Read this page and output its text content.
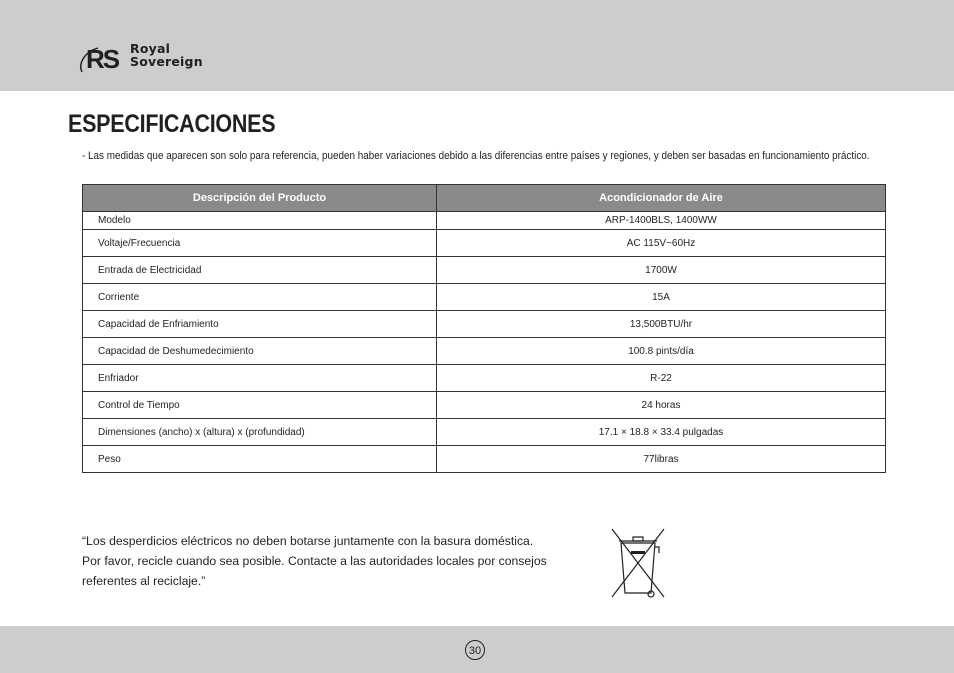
RS Royal
Sovereign
ESPECIFICACIONES
- Las medidas que aparecen son solo para referencia, pueden haber variaciones debido a las diferencias entre países y regiones, y deben ser basadas en funcionamiento práctico.
Descripción del Producto	Acondicionador de Aire
Modelo	ARP-1400BLS, 1400WW
Voltaje/Frecuencia	AC 115V~60Hz
Entrada de Electricidad	1700W
Corriente	15A
Capacidad de Enfriamiento	13,500BTU/hr
Capacidad de Deshumedecimiento	100.8 pints/día
Enfriador	R-22
Control de Tiempo	24 horas
Dimensiones (ancho) x (altura) x (profundidad)	17.1 × 18.8 × 33.4 pulgadas
Peso	77libras

“Los desperdicios eléctricos no deben botarse juntamente con la basura doméstica.

Por favor, recicle cuando sea posible. Contacte a las autoridades locales por consejos referentes al reciclaje.”

30
